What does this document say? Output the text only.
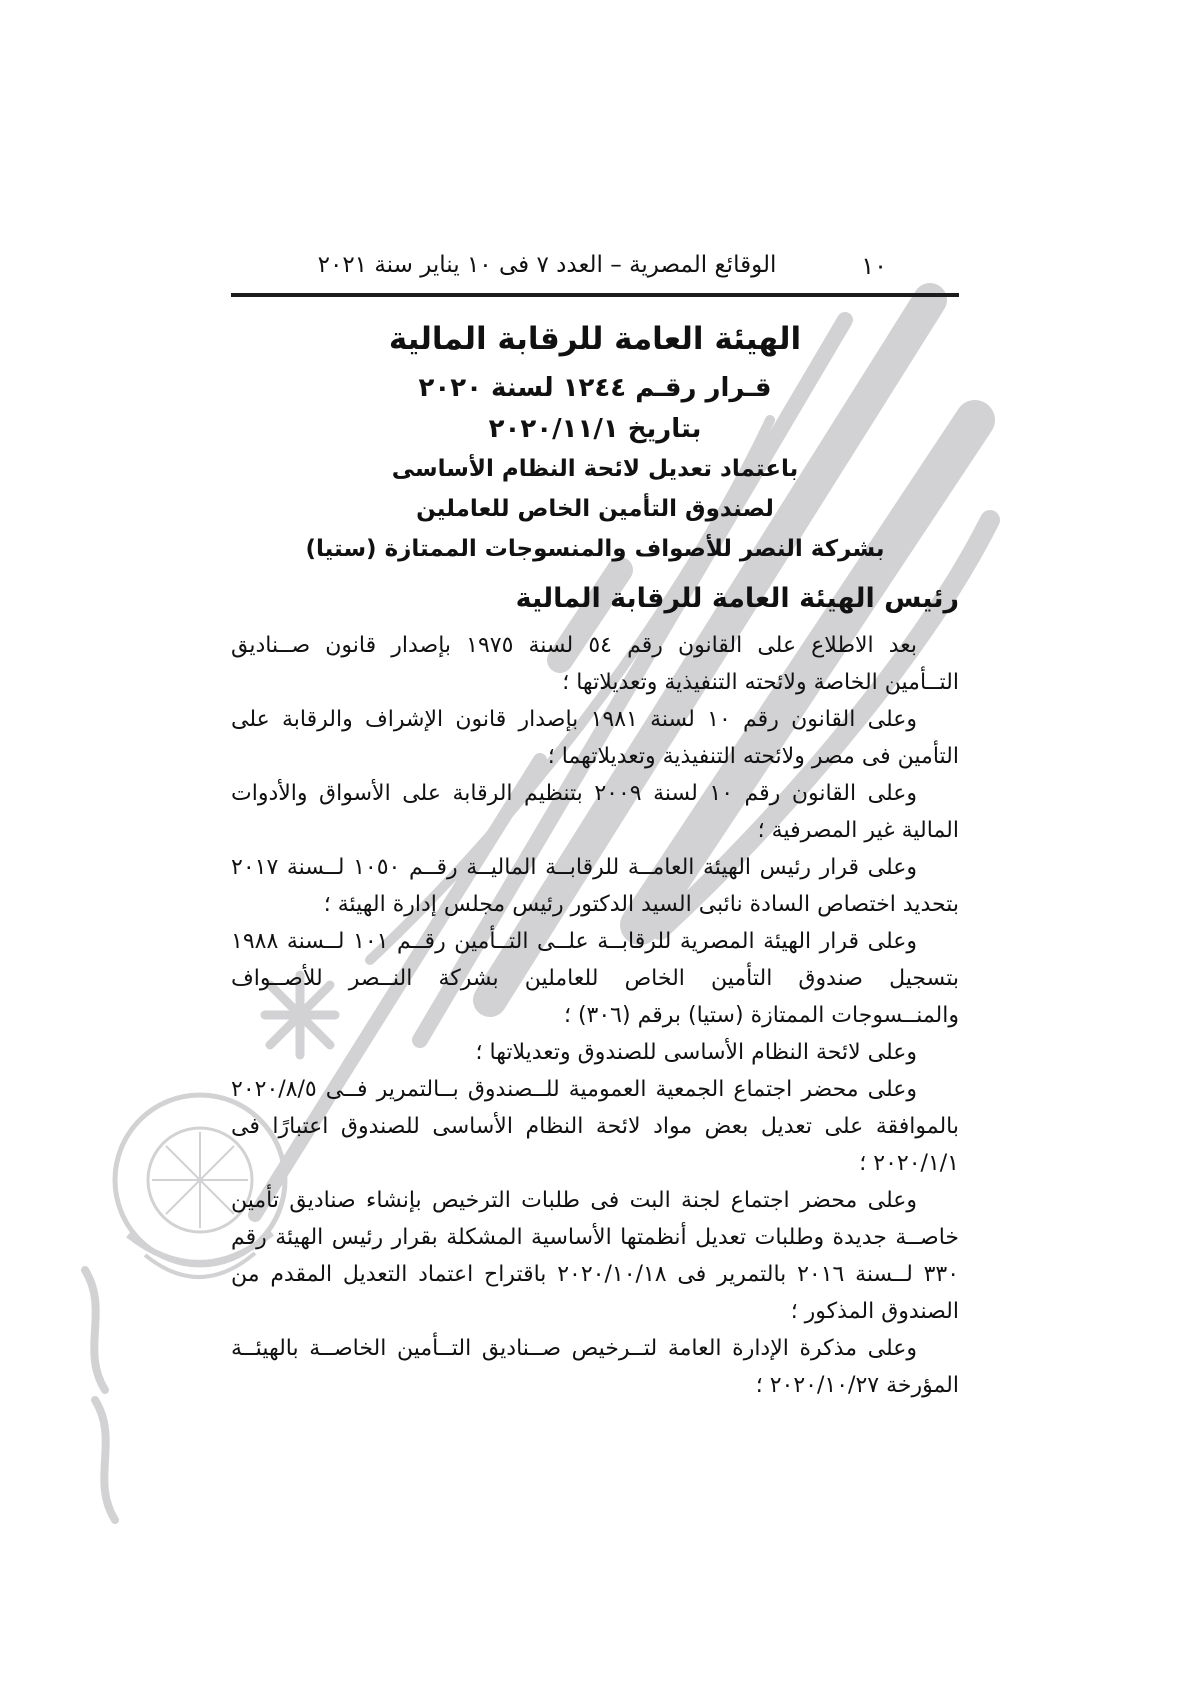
الوقائع المصرية – العدد ٧ فى ١٠ يناير سنة ٢٠٢١	١٠
الهيئة العامة للرقابة المالية
قـرار رقـم ١٢٤٤ لسنة ٢٠٢٠
بتاريخ ٢٠٢٠/١١/١
باعتماد تعديل لائحة النظام الأساسى
لصندوق التأمين الخاص للعاملين
بشركة النصر للأصواف والمنسوجات الممتازة (ستيا)
رئيس الهيئة العامة للرقابة المالية

بعد الاطلاع على القانون رقم ٥٤ لسنة ١٩٧٥ بإصدار قانون صــناديق التــأمين الخاصة ولائحته التنفيذية وتعديلاتها ؛

وعلى القانون رقم ١٠ لسنة ١٩٨١ بإصدار قانون الإشراف والرقابة على التأمين فى مصر ولائحته التنفيذية وتعديلاتهما ؛

وعلى القانون رقم ١٠ لسنة ٢٠٠٩ بتنظيم الرقابة على الأسواق والأدوات المالية غير المصرفية ؛

وعلى قرار رئيس الهيئة العامــة للرقابــة الماليــة رقــم ١٠٥٠ لــسنة ٢٠١٧ بتحديد اختصاص السادة نائبى السيد الدكتور رئيس مجلس إدارة الهيئة ؛

وعلى قرار الهيئة المصرية للرقابــة علــى التــأمين رقــم ١٠١ لــسنة ١٩٨٨ بتسجيل صندوق التأمين الخاص للعاملين بشركة النــصر للأصــواف والمنــسوجات الممتازة (ستيا) برقم (٣٠٦) ؛

وعلى لائحة النظام الأساسى للصندوق وتعديلاتها ؛

وعلى محضر اجتماع الجمعية العمومية للــصندوق بــالتمرير فــى ٢٠٢٠/٨/٥ بالموافقة على تعديل بعض مواد لائحة النظام الأساسى للصندوق اعتبارًا فى ٢٠٢٠/١/١ ؛

وعلى محضر اجتماع لجنة البت فى طلبات الترخيص بإنشاء صناديق تأمين خاصــة جديدة وطلبات تعديل أنظمتها الأساسية المشكلة بقرار رئيس الهيئة رقم ٣٣٠ لــسنة ٢٠١٦ بالتمرير فى ٢٠٢٠/١٠/١٨ باقتراح اعتماد التعديل المقدم من الصندوق المذكور ؛

وعلى مذكرة الإدارة العامة لتــرخيص صــناديق التــأمين الخاصــة بالهيئــة المؤرخة ٢٠٢٠/١٠/٢٧ ؛
